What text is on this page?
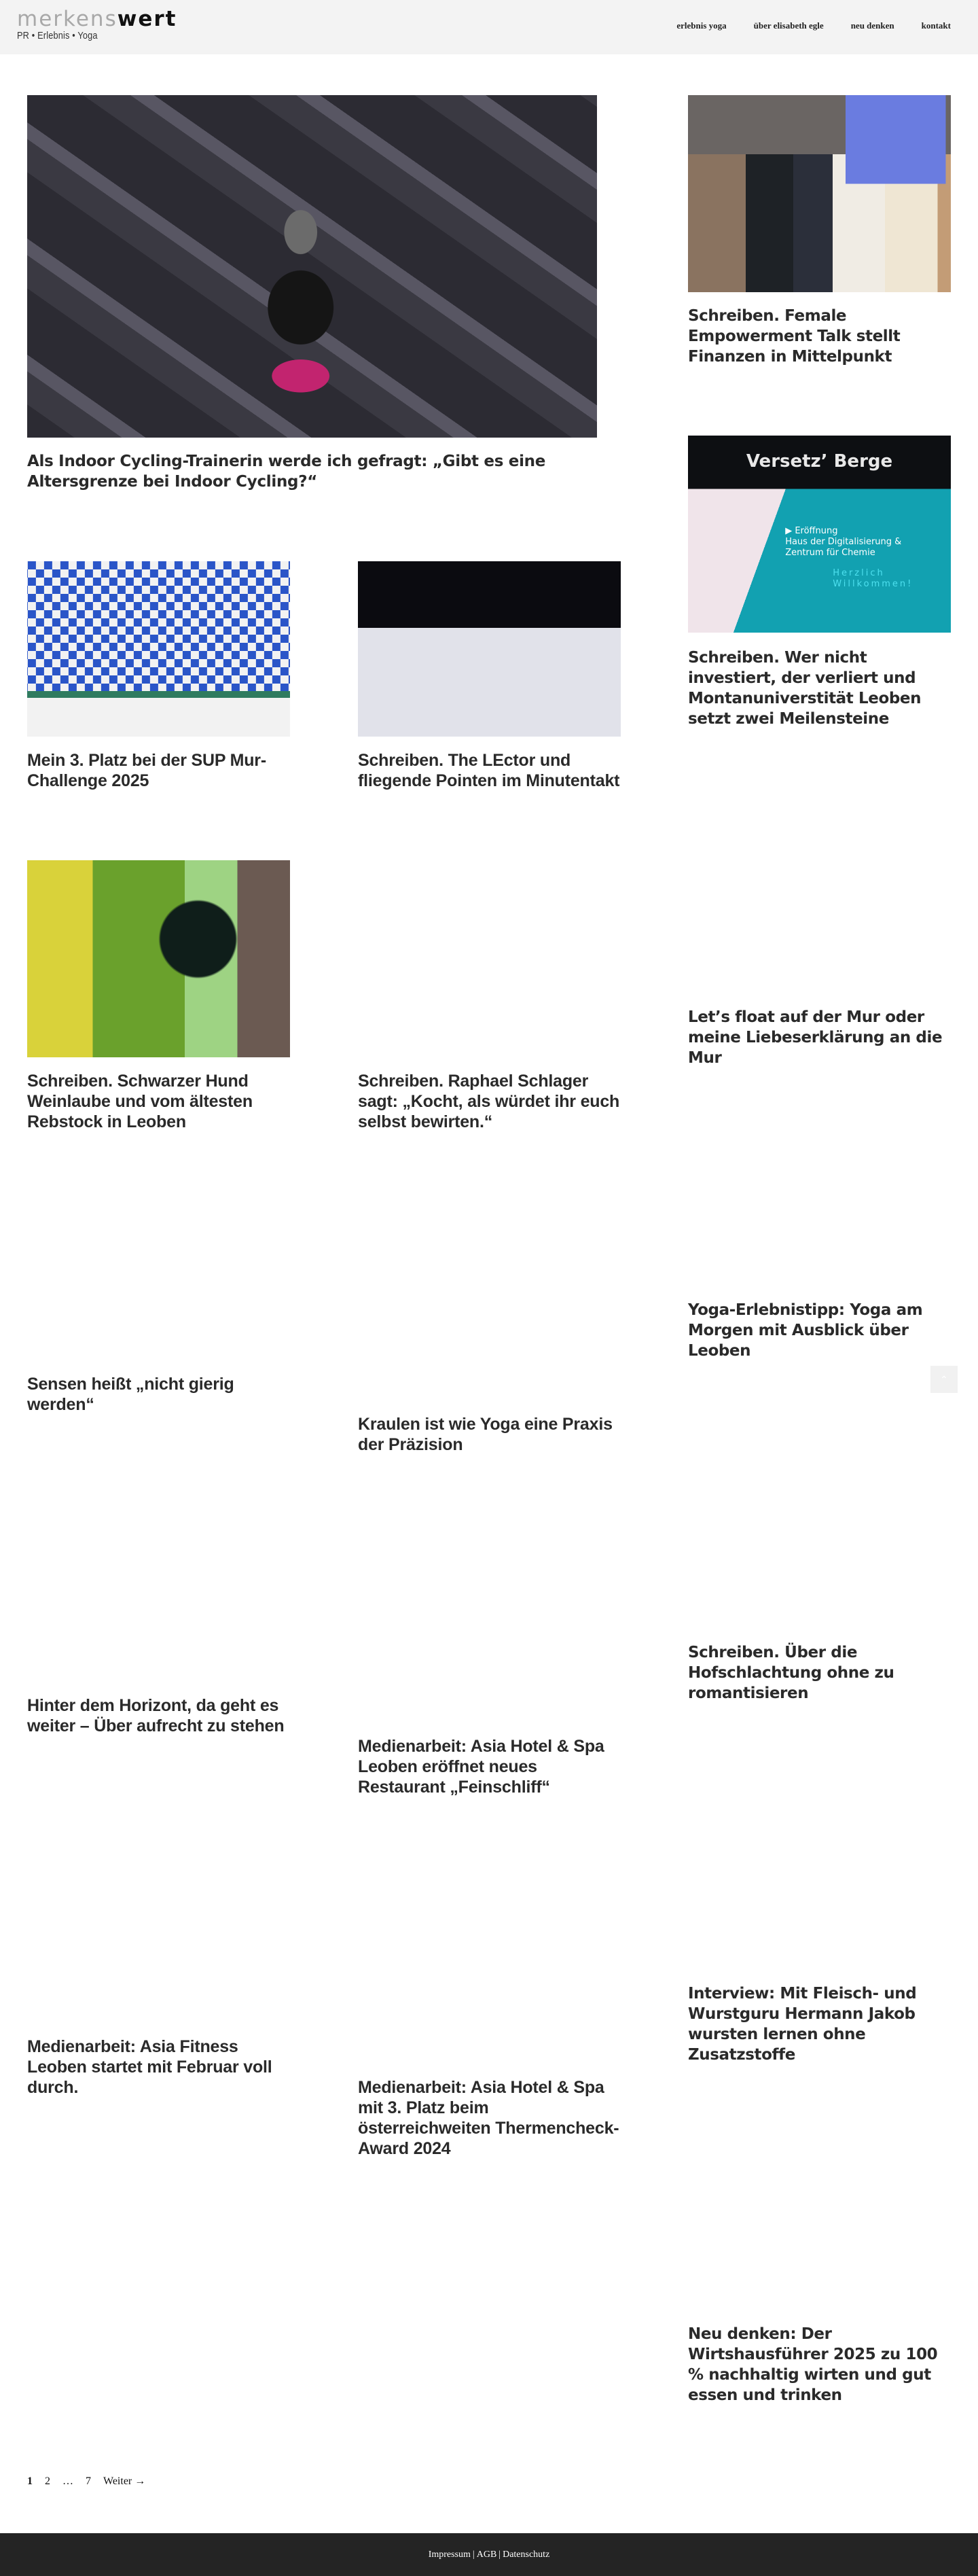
merkenswert
PR • Erlebnis • Yoga
erlebnis yoga	über elisabeth egle	neu denken	kontakt
Als Indoor Cycling-Trainerin werde ich gefragt: „Gibt es eine Altersgrenze bei Indoor Cycling?“
Schreiben. Female Empowerment Talk stellt Finanzen in Mittelpunkt
Versetz’ Berge
▶ Eröffnung
Haus der Digitalisierung &
Zentrum für Chemie
Herzlich
Willkommen!
Schreiben. Wer nicht investiert, der verliert und Montanuniverstität Leoben setzt zwei Meilensteine
Mein 3. Platz bei der SUP Mur-Challenge 2025
Schreiben. The LEctor und fliegende Pointen im Minutentakt
Let’s float auf der Mur oder meine Liebeserklärung an die Mur
Schreiben. Schwarzer Hund Weinlaube und vom ältesten Rebstock in Leoben
Schreiben. Raphael Schlager sagt: „Kocht, als würdet ihr euch selbst bewirten.“
Yoga-Erlebnistipp: Yoga am Morgen mit Ausblick über Leoben
Sensen heißt „nicht gierig werden“
Kraulen ist wie Yoga eine Praxis der Präzision
Schreiben. Über die Hofschlachtung ohne zu romantisieren
Hinter dem Horizont, da geht es weiter – Über aufrecht zu stehen
Medienarbeit: Asia Hotel & Spa Leoben eröffnet neues Restaurant „Feinschliff“
Interview: Mit Fleisch- und Wurstguru Hermann Jakob wursten lernen ohne Zusatzstoffe
Medienarbeit: Asia Fitness Leoben startet mit Februar voll durch.	Medienarbeit: Asia Hotel & Spa mit 3. Platz beim österreichweiten Thermencheck-Award 2024
Neu denken: Der Wirtshausführer 2025 zu 100 % nachhaltig wirten und gut essen und trinken
1 2 … 7 Weiter →
⌃
Impressum | AGB | Datenschutz
